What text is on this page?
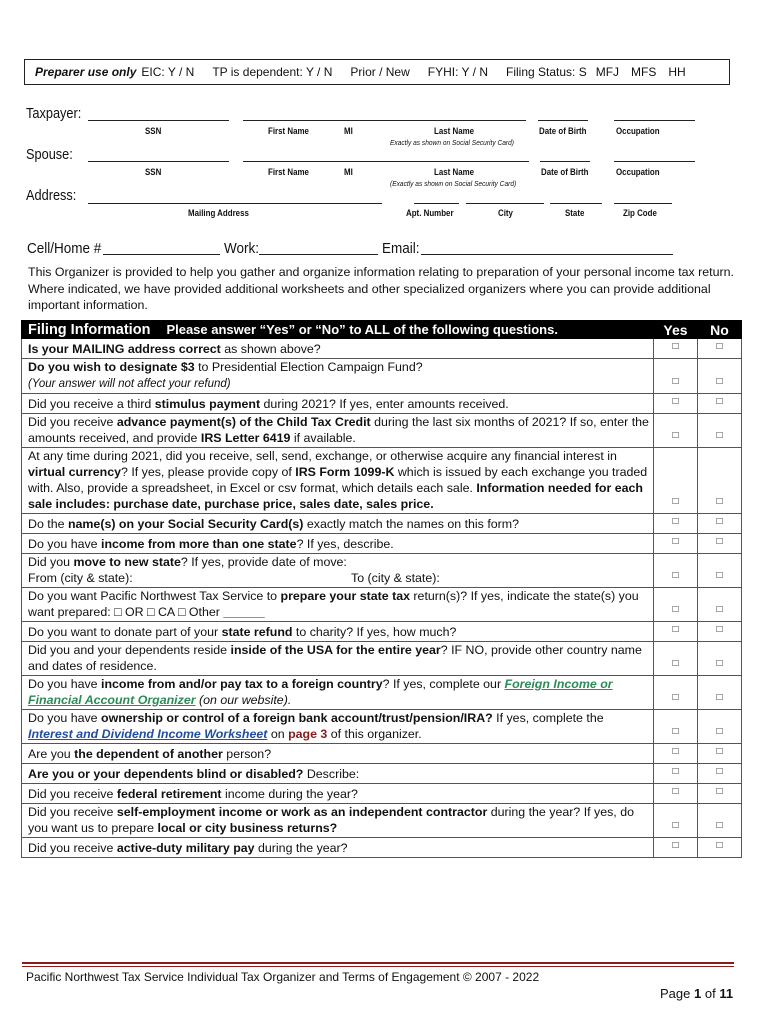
Preparer use only EIC: Y / N TP is dependent: Y / N Prior / New FYHI: Y / N Filing Status: S MFJ MFS HH
Taxpayer:
SSN	First Name	MI	Last Name	Date of Birth	Occupation
Exactly as shown on Social Security Card)
Spouse:
SSN	First Name	MI	Last Name	Date of Birth	Occupation
(Exactly as shown on Social Security Card)
Address:
Mailing Address	Apt. Number	City	State	Zip Code
Cell/Home #	Work:	Email:
This Organizer is provided to help you gather and organize information relating to preparation of your personal income tax return. Where indicated, we have provided additional worksheets and other specialized organizers where you can provide additional important information.
Filing Information Please answer “Yes” or “No” to ALL of the following questions.	Yes	No
Is your MAILING address correct as shown above?	□	□
Do you wish to designate $3 to Presidential Election Campaign Fund?
(Your answer will not affect your refund)	□	□
Did you receive a third stimulus payment during 2021? If yes, enter amounts received.	□	□
Did you receive advance payment(s) of the Child Tax Credit during the last six months of 2021? If so, enter the amounts received, and provide IRS Letter 6419 if available.	□	□
At any time during 2021, did you receive, sell, send, exchange, or otherwise acquire any financial interest in virtual currency? If yes, please provide copy of IRS Form 1099-K which is issued by each exchange you traded with. Also, provide a spreadsheet, in Excel or csv format, which details each sale. Information needed for each sale includes: purchase date, purchase price, sales date, sales price.	□	□
Do the name(s) on your Social Security Card(s) exactly match the names on this form?	□	□
Do you have income from more than one state? If yes, describe.	□	□
Did you move to new state? If yes, provide date of move:
From (city & state): To (city & state):	□	□
Do you want Pacific Northwest Tax Service to prepare your state tax return(s)? If yes, indicate the state(s) you want prepared: □ OR □ CA □ Other ______	□	□
Do you want to donate part of your state refund to charity? If yes, how much?	□	□
Did you and your dependents reside inside of the USA for the entire year? IF NO, provide other country name and dates of residence.	□	□
Do you have income from and/or pay tax to a foreign country? If yes, complete our Foreign Income or Financial Account Organizer (on our website).	□	□
Do you have ownership or control of a foreign bank account/trust/pension/IRA? If yes, complete the Interest and Dividend Income Worksheet on page 3 of this organizer.	□	□
Are you the dependent of another person?	□	□
Are you or your dependents blind or disabled? Describe:	□	□
Did you receive federal retirement income during the year?	□	□
Did you receive self-employment income or work as an independent contractor during the year? If yes, do you want us to prepare local or city business returns?	□	□
Did you receive active-duty military pay during the year?	□	□
Pacific Northwest Tax Service Individual Tax Organizer and Terms of Engagement © 2007 - 2022
Page 1 of 11
